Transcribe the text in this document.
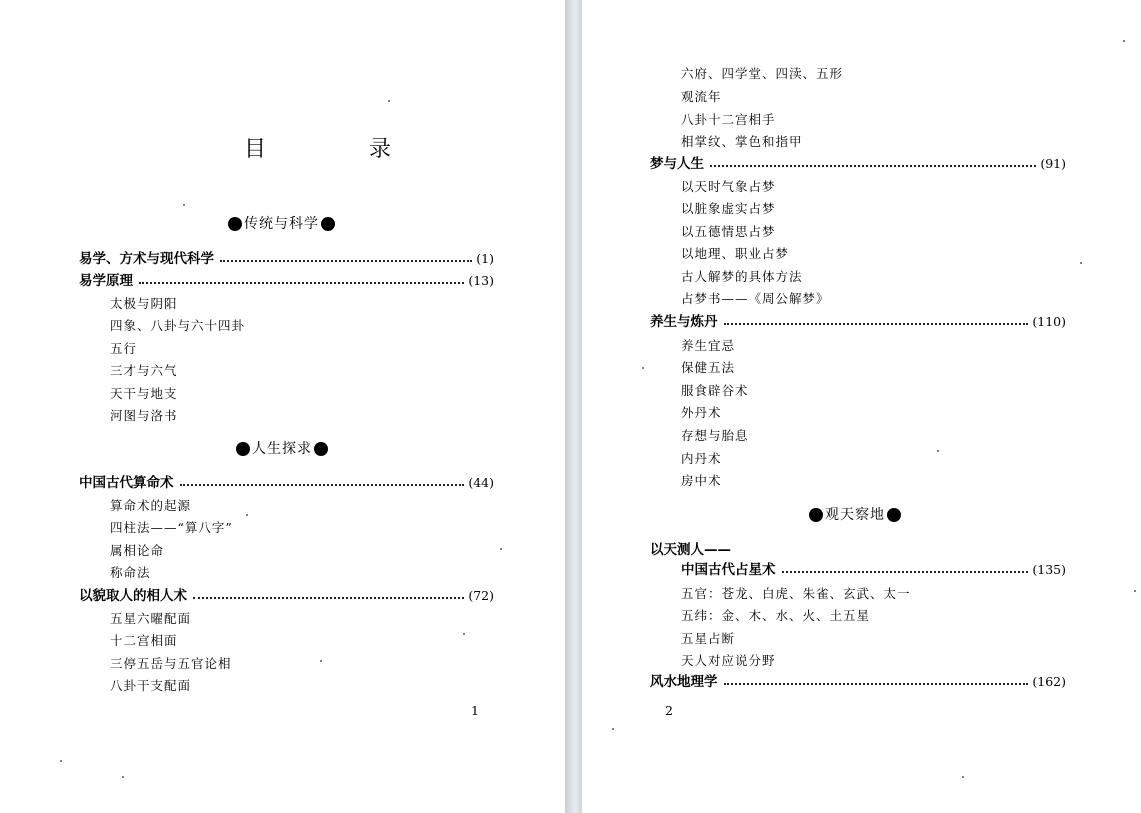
目 录
传统与科学
易学、方术与现代科学	(1)
易学原理	(13)
太极与阴阳
四象、八卦与六十四卦
五行
三才与六气
天干与地支
河图与洛书
人生探求
中国古代算命术	(44)
算命术的起源
四柱法——“算八字”
属相论命
称命法
以貌取人的相人术	(72)
五星六曜配面
十二宫相面
三停五岳与五官论相
八卦干支配面
1
六府、四学堂、四渎、五形
观流年
八卦十二宫相手
相掌纹、掌色和指甲
梦与人生	(91)
以天时气象占梦
以脏象虚实占梦
以五德情思占梦
以地理、职业占梦
古人解梦的具体方法
占梦书——《周公解梦》
养生与炼丹	(110)
养生宜忌
保健五法
服食辟谷术
外丹术
存想与胎息
内丹术
房中术
观天察地
以天测人——
中国古代占星术	(135)
五官：苍龙、白虎、朱雀、玄武、太一
五纬：金、木、水、火、土五星
五星占断
天人对应说分野
风水地理学	(162)
2
